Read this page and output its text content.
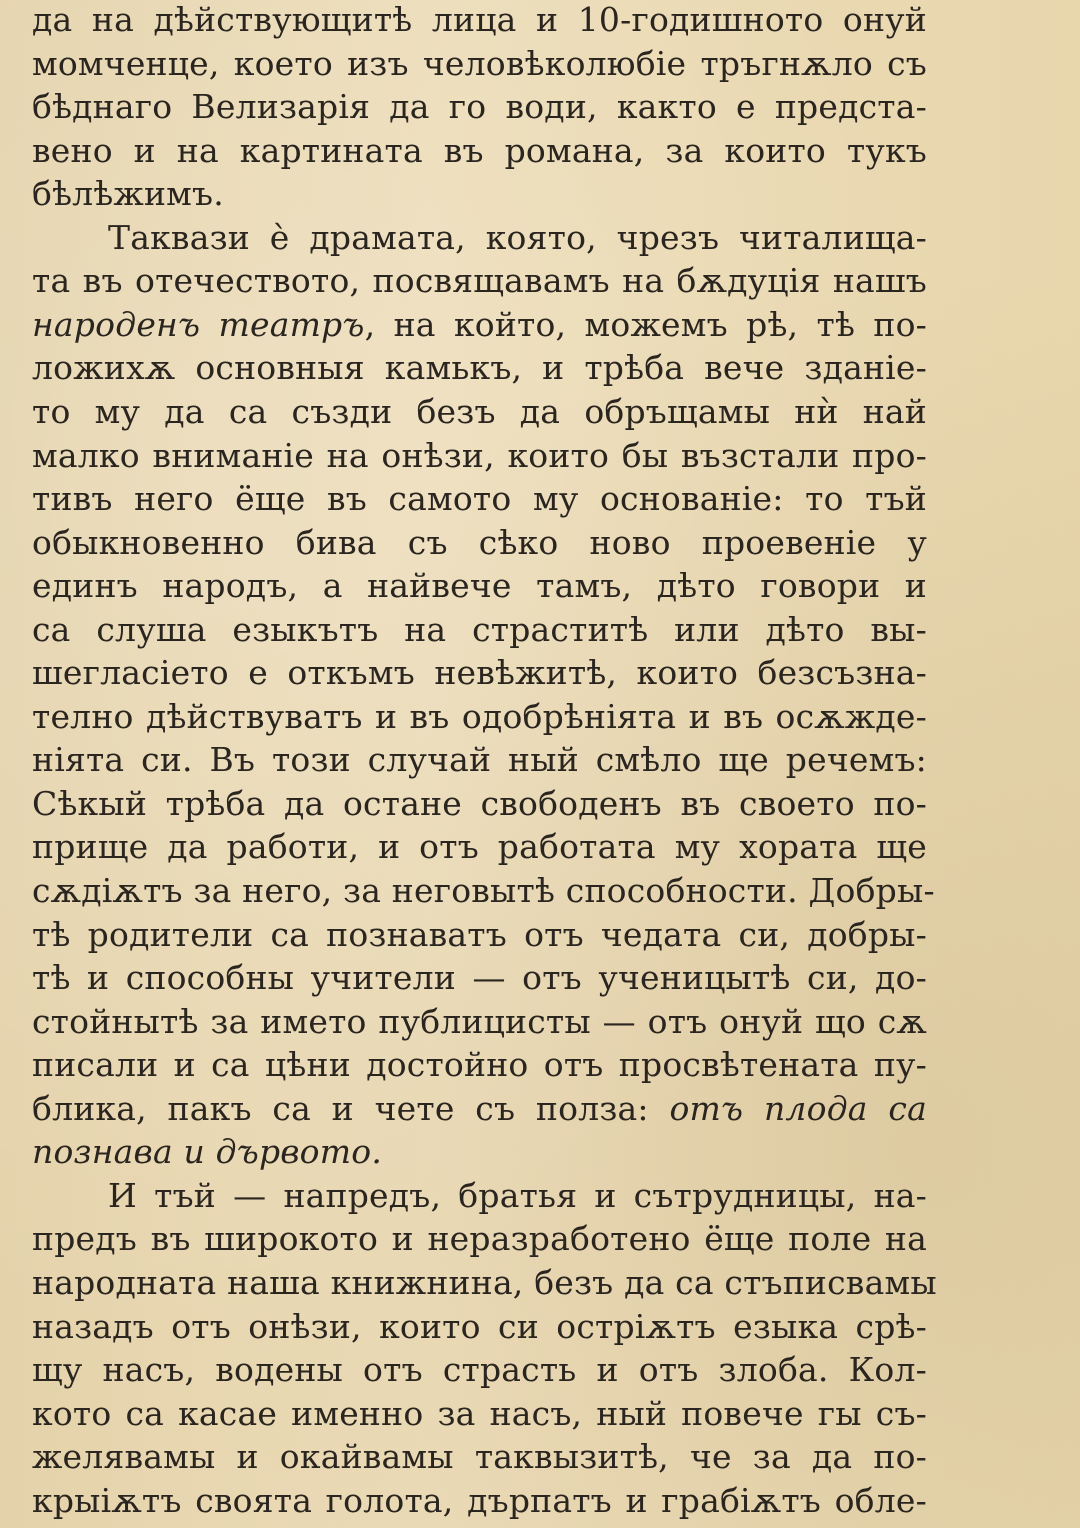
да на дѣйствующитѣ лица и 10-годишното онуй
момченце, което изъ человѣколюбіе тръгнѫло съ
бѣднаго Велизарія да го води, както е предста-
вено и на картината въ романа, за които тукъ
бѣлѣжимъ.
Таквази ѐ драмата, която, чрезъ читалища-
та въ отечеството, посвящавамъ на бѫдуція нашъ
народенъ театръ, на който, можемъ рѣ, тѣ по-
ложихѫ основныя камькъ, и трѣба вече зданіе-
то му да са създи безъ да обръщамы нѝ най
малко вниманіе на онѣзи, които бы възстали про-
тивъ него ёще въ самото му основаніе: то тъй
обыкновенно бива съ сѣко ново проевеніе у
единъ народъ, а найвече тамъ, дѣто говори и
са слуша езыкътъ на страститѣ или дѣто вы-
шегласіето е откъмъ невѣжитѣ, които безсъзна-
телно дѣйствуватъ и въ одобрѣніята и въ осѫжде-
ніята си. Въ този случай ный смѣло ще речемъ:
Сѣкый трѣба да остане свободенъ въ своето по-
прище да работи, и отъ работата му хората ще
сѫдіѫтъ за него, за неговытѣ способности. Добры-
тѣ родители са познаватъ отъ чедата си, добры-
тѣ и способны учители — отъ ученицытѣ си, до-
стойнытѣ за името публицисты — отъ онуй що сѫ
писали и са цѣни достойно отъ просвѣтената пу-
блика, пакъ са и чете съ полза: отъ плода са
познава и дървото.
И тъй — напредъ, братья и сътрудницы, на-
предъ въ широкото и неразработено ёще поле на
народната наша книжнина, безъ да са стъписвамы
назадъ отъ онѣзи, които си остріѫтъ езыка срѣ-
щу насъ, водены отъ страсть и отъ злоба. Кол-
кото са касае именно за насъ, ный повече гы съ-
желявамы и окайвамы таквызитѣ, че за да по-
крыіѫтъ своята голота, дърпатъ и грабіѫтъ обле-
